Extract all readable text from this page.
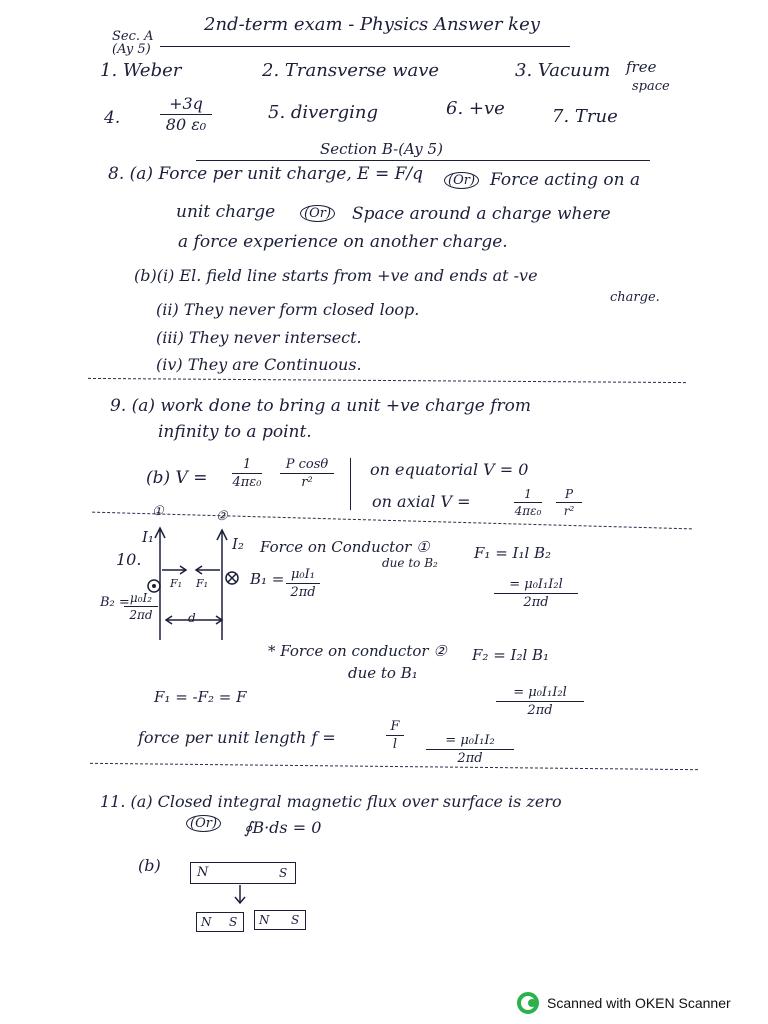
Sec. A
(Ay 5)
2nd-term exam - Physics Answer key
1. Weber	2. Transverse wave	3. Vacuum free
space
4.
+3q
80 ε₀
5. diverging	6. +ve	7. True
Section B-(Ay 5)
8. (a) Force per unit charge, E = F/q	(Or) Force acting on a
unit charge	(Or) Space around a charge where
a force experience on another charge.
(b)(i) El. field line starts from +ve and ends at -ve
charge.
(ii) They never form closed loop.
(iii) They never intersect.
(iv) They are Continuous.
9. (a) work done to bring a unit +ve charge from
infinity to a point.
(b) V =
1
4πε₀
P cosθ
r²
on equatorial V = 0
on axial V =	1
4πε₀
P
r²
10.
①	②
I₁	I₂
F₁ F₁
B₂ = μ₀I₂
2πd	d
B₁ = μ₀I₁
2πd
Force on Conductor ①
due to B₂
F₁ = I₁l B₂
= μ₀I₁I₂l
2πd
* Force on conductor ②
due to B₁
F₂ = I₂l B₁
= μ₀I₁I₂l
2πd
F₁ = -F₂ = F
force per unit length f =
F
l	= μ₀I₁I₂
2πd
11. (a) Closed integral magnetic flux over surface is zero
(Or) ∮B·ds = 0
(b)	N	S
N S N S
Scanned with OKEN Scanner
